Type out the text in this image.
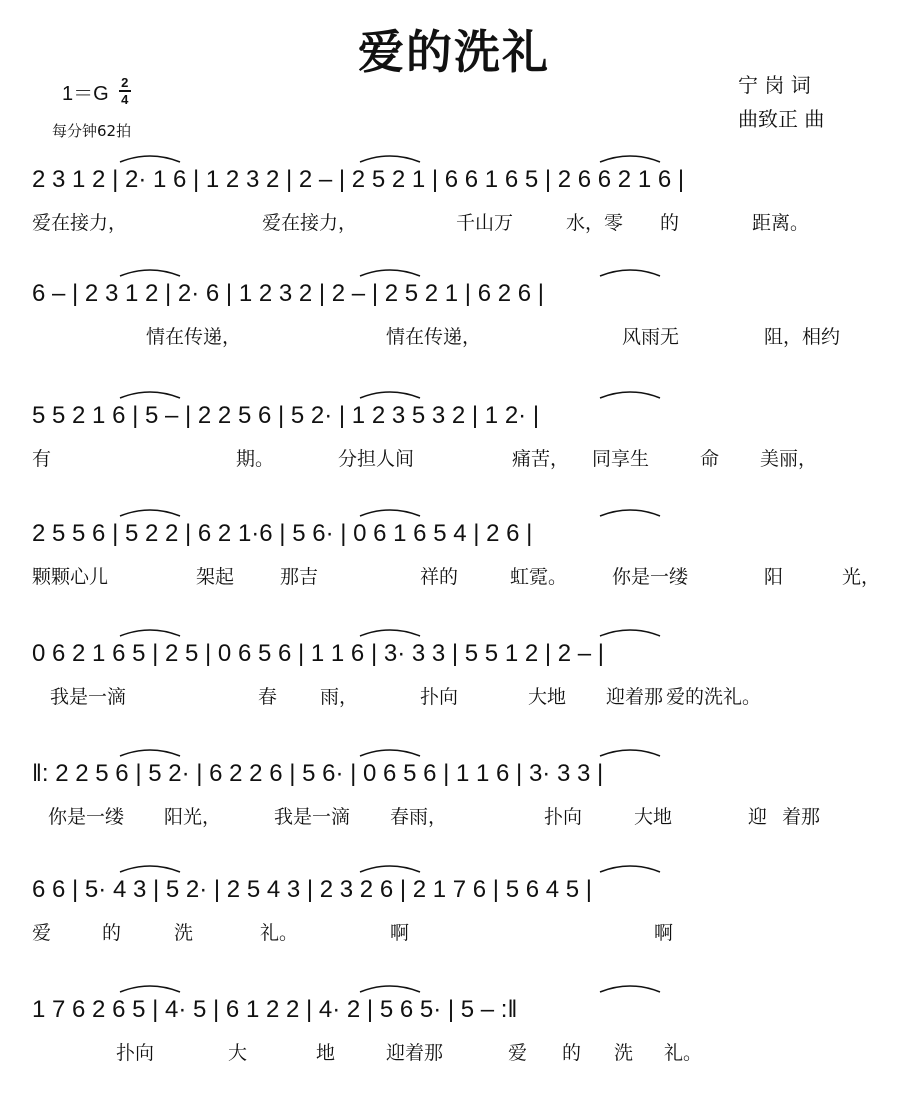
爱的洗礼
$1=G \frac{2}{4}$
每分钟62拍
宁 岗 词
曲致正 曲
2 3 1 2 | 2· 1 6 | 1 2 3 2 | 2 – | 2 5 2 1 | 6 6 1 6 5 | 2 6 6 2 1 6 |
爱在接力，	爱在接力，	千山万	水，零 的	距离。
6 – | 2 3 1 2 | 2· 6 | 1 2 3 2 | 2 – | 2 5 2 1 | 6 2 6 |
情在传递，	情在传递，	风雨无	阻，相约
5 5 2 1 6 | 5 – | 2 2 5 6 | 5 2· | 1 2 3 5 3 2 | 1 2· |
有	期。	分担人间	痛苦， 同享生	命 美丽，
2 5 5 6 | 5 2 2 | 6 2 1·6 | 5 6· | 0 6 1 6 5 4 | 2 6 |
颗颗心儿	架起 那吉	祥的	虹霓。 你是一缕	阳	光，
0 6 2 1 6 5 | 2 5 | 0 6 5 6 | 1 1 6 | 3· 3 3 | 5 5 1 2 | 2 – |
我是一滴	春 雨，	扑向	大地 迎着那 爱的洗礼。
‖: 2 2 5 6 | 5 2· | 6 2 2 6 | 5 6· | 0 6 5 6 | 1 1 6 | 3· 3 3 |
你是一缕 阳光，	我是一滴 春雨，	扑向	大地	迎 着那
6 6 | 5· 4 3 | 5 2· | 2 5 4 3 | 2 3 2 6 | 2 1 7 6 | 5 6 4 5 |
爱	的	洗	礼。	啊	啊
1 7 6 2 6 5 | 4· 5 | 6 1 2 2 | 4· 2 | 5 6 5· | 5 – :‖
扑向	大	地	迎着那	爱 的 洗 礼。
